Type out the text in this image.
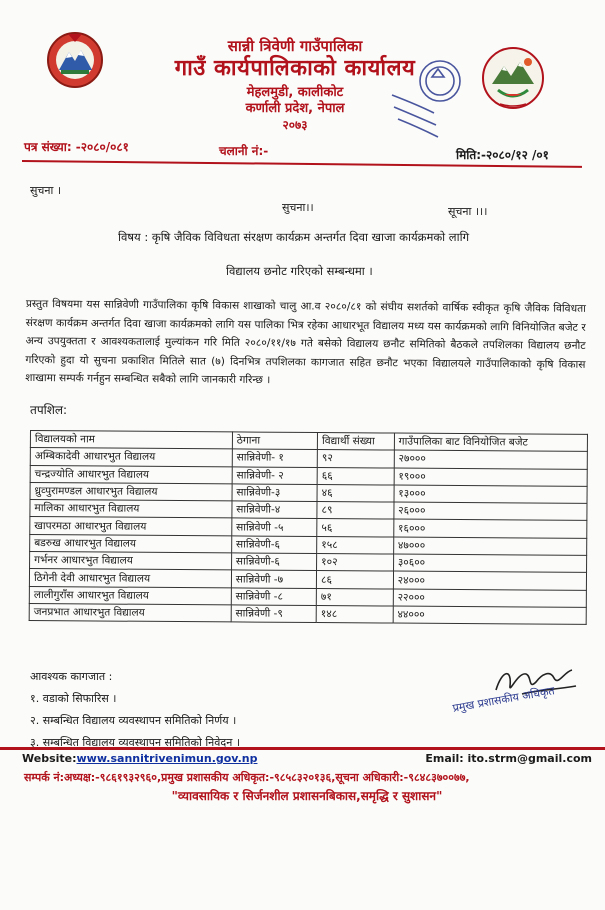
सान्नी त्रिवेणी गाउँपालिका
गाउँ कार्यपालिकाको कार्यालय
मेहलमुडी, कालीकोट
कर्णाली प्रदेश, नेपाल
२०७३
पत्र संख्या: -२०८०/०८१	चलानी नं:-	मिति:-२०८०/१२ /०१
सुचना ।
सुचना।।	सूचना ।।।
विषय : कृषि जैविक विविधता संरक्षण कार्यक्रम अन्तर्गत दिवा खाजा कार्यक्रमको लागि
विद्यालय छनोट गरिएको सम्बन्धमा ।
प्रस्तुत विषयमा यस सान्निवेणी गाउँपालिका कृषि विकास शाखाको चालु आ.व २०८०/८१ को संघीय सशर्तको वार्षिक स्वीकृत कृषि जैविक विविधता संरक्षण कार्यक्रम अन्तर्गत दिवा खाजा कार्यक्रमको लागि यस पालिका भित्र रहेका आधारभूत विद्यालय मध्य यस कार्यक्रमको लागि विनियोजित बजेट र अन्य उपयुक्तता र आवश्यकतालाई मुल्यांकन गरि मिति २०८०/११/१७ गते बसेको विद्यालय छनौट समितिको बैठकले तपशिलका विद्यालय छनौट गरिएको हुदा यो सुचना प्रकाशित मितिले सात (७) दिनभित्र तपशिलका कागजात सहित छनौट भएका विद्यालयले गाउँपालिकाको कृषि विकास शाखामा सम्पर्क गर्नहुन सम्बन्धित सबैको लागि जानकारी गरिन्छ ।
तपशिल:
विद्यालयको नाम	ठेगाना	विद्यार्थी संख्या	गाउँपालिका बाट विनियोजित बजेट
अम्बिकादेवी आधारभुत विद्यालय	सान्निवेणी- १	९२	२७०००
चन्द्रज्योति आधारभुत विद्यालय	सान्निवेणी- २	६६	१९०००
ध्रुव्पुरामण्डल आधारभुत विद्यालय	सान्निवेणी-३	४६	१३०००
मालिका आधारभुत विद्यालय	सान्निवेणी-४	८९	२६०००
खापरमठा आधारभुत विद्यालय	सान्निवेणी -५	५६	१६०००
बडरुख आधारभुत विद्यालय	सान्निवेणी-६	१५८	४७०००
गर्भनर आधारभुत विद्यालय	सान्निवेणी-६	१०२	३०६००
ठिगेनी देवी आधारभुत विद्यालय	सान्निवेणी -७	८६	२४०००
लालीगुराँस आधारभुत विद्यालय	सान्निवेणी -८	७१	२२०००
जनप्रभात आधारभुत विद्यालय	सान्निवेणी -९	१४८	४४०००
आवश्यक कागजात :
१. वडाको सिफारिस ।
२. सम्बन्धित विद्यालय व्यवस्थापन समितिको निर्णय ।
३. सम्बन्धित विद्यालय व्यवस्थापन समितिको निवेदन ।
प्रमुख प्रशासकीय अधिकृत
Website:www.sannitrivenimun.gov.np	Email: ito.strm@gmail.com
सम्पर्क नं:अध्यक्ष:-९८६१९३२९६०,प्रमुख प्रशासकीय अधिकृत:-९८५८३२०१३६,सूचना अधिकारी:-९८४८३७००७७,
"व्यावसायिक र सिर्जनशील प्रशासनबिकास,समृद्धि र सुशासन"
